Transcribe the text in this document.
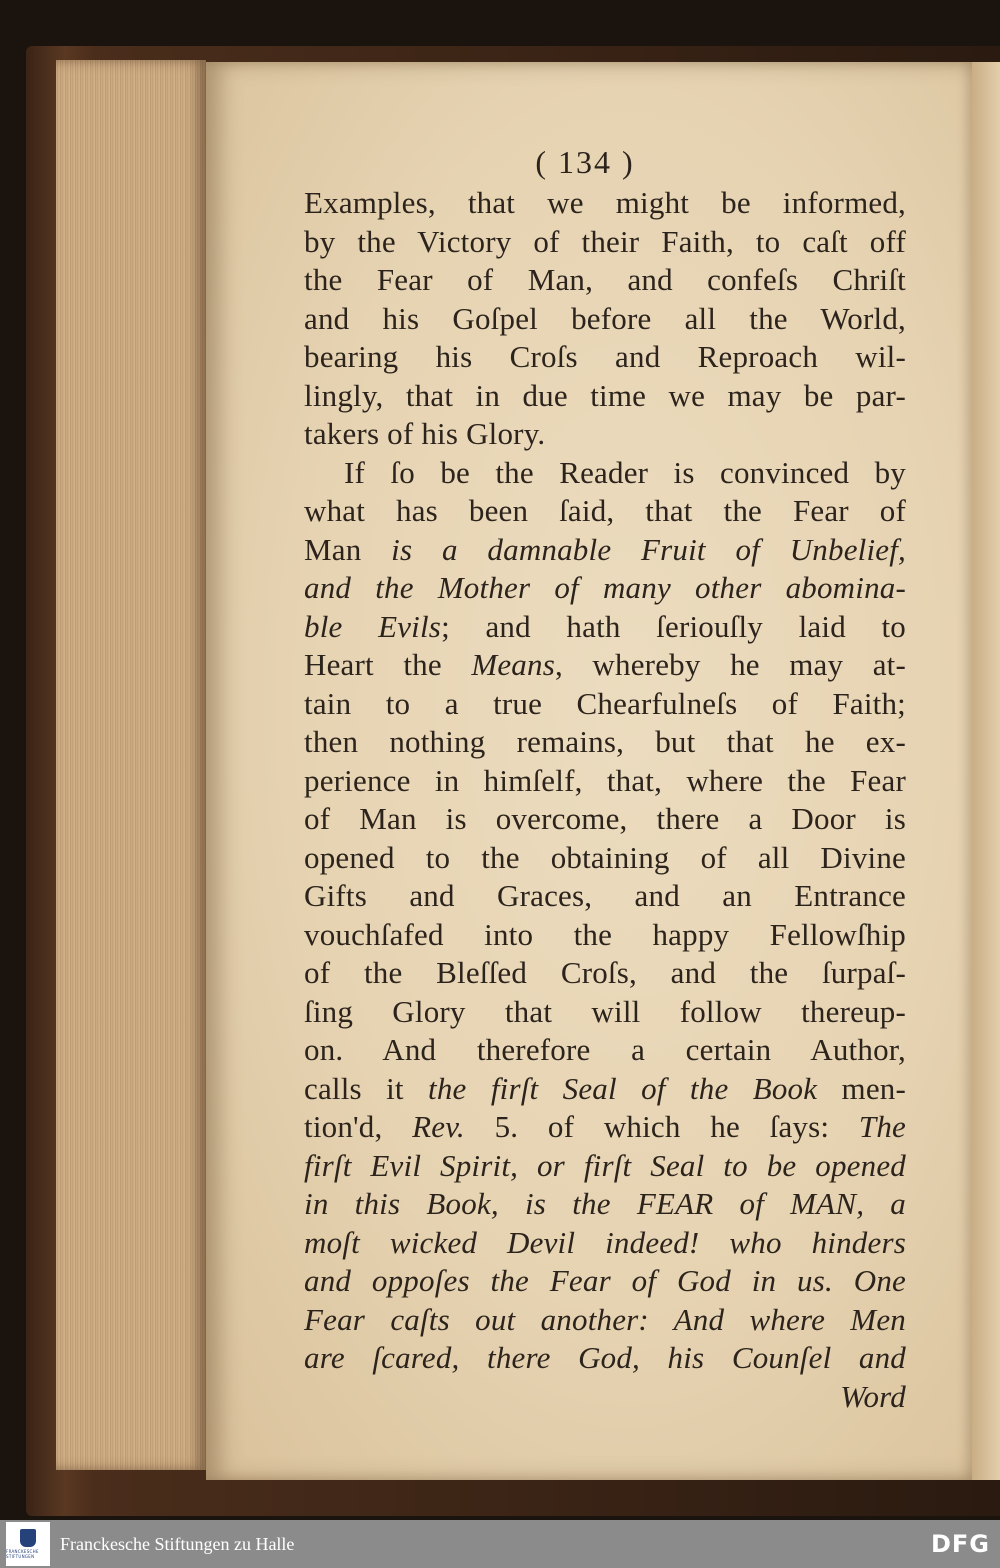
( 134 )
Examples, that we might be informed,
by the Victory of their Faith, to caſt off
the Fear of Man, and confeſs Chriſt
and his Goſpel before all the World,
bearing his Croſs and Reproach wil-
lingly, that in due time we may be par-
takers of his Glory.
If ſo be the Reader is convinced by
what has been ſaid, that the Fear of
Man is a damnable Fruit of Unbelief,
and the Mother of many other abomina-
ble Evils; and hath ſeriouſly laid to
Heart the Means, whereby he may at-
tain to a true Chearfulneſs of Faith;
then nothing remains, but that he ex-
perience in himſelf, that, where the Fear
of Man is overcome, there a Door is
opened to the obtaining of all Divine
Gifts and Graces, and an Entrance
vouchſafed into the happy Fellowſhip
of the Bleſſed Croſs, and the ſurpaſ-
ſing Glory that will follow thereup-
on. And therefore a certain Author,
calls it the firſt Seal of the Book men-
tion'd, Rev. 5. of which he ſays: The
firſt Evil Spirit, or firſt Seal to be opened
in this Book, is the FEAR of MAN, a
moſt wicked Devil indeed! who hinders
and oppoſes the Fear of God in us. One
Fear caſts out another: And where Men
are ſcared, there God, his Counſel and
Word
FRANCKESCHE STIFTUNGEN
Franckesche Stiftungen zu Halle	DFG
